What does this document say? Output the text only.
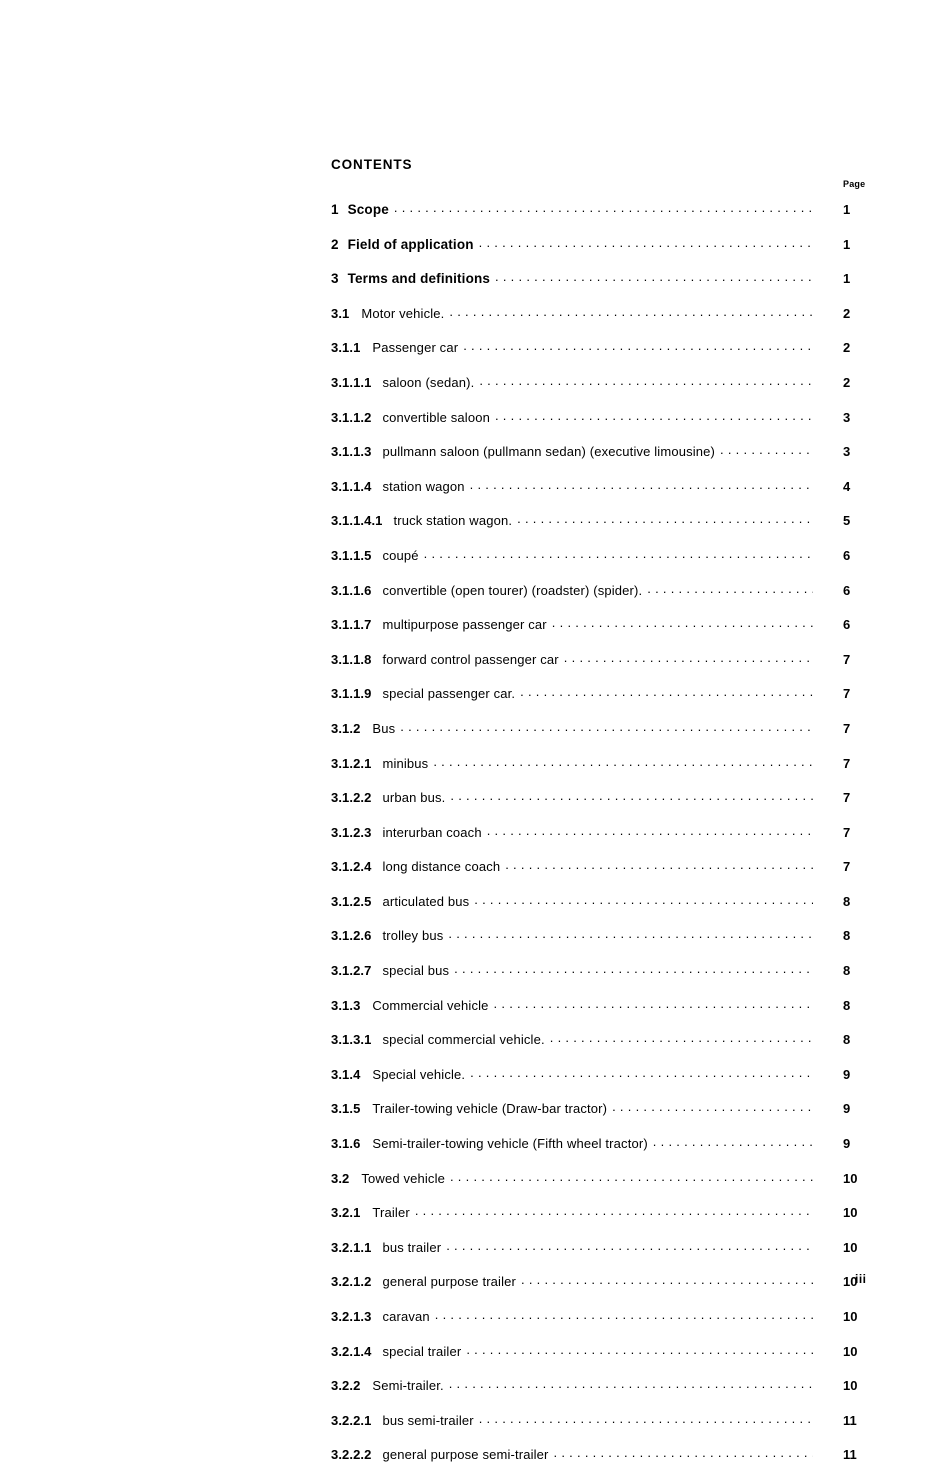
CONTENTS
Page
1 Scope . . .	1
2 Field of application . . .	1
3 Terms and definitions . . .	1
3.1 Motor vehicle. . . .	2
3.1.1 Passenger car . . .	2
3.1.1.1 saloon (sedan). . . .	2
3.1.1.2 convertible saloon . . .	3
3.1.1.3 pullmann saloon (pullmann sedan) (executive limousine) . . .	3
3.1.1.4 station wagon . . .	4
3.1.1.4.1 truck station wagon. . . .	5
3.1.1.5 coupé . . .	6
3.1.1.6 convertible (open tourer) (roadster) (spider). . . .	6
3.1.1.7 multipurpose passenger car . . .	6
3.1.1.8 forward control passenger car . . .	7
3.1.1.9 special passenger car. . . .	7
3.1.2 Bus . . .	7
3.1.2.1 minibus . . .	7
3.1.2.2 urban bus. . . .	7
3.1.2.3 interurban coach . . .	7
3.1.2.4 long distance coach . . .	7
3.1.2.5 articulated bus . . .	8
3.1.2.6 trolley bus . . .	8
3.1.2.7 special bus . . .	8
3.1.3 Commercial vehicle . . .	8
3.1.3.1 special commercial vehicle. . . .	8
3.1.4 Special vehicle. . . .	9
3.1.5 Trailer-towing vehicle (Draw-bar tractor) . . .	9
3.1.6 Semi-trailer-towing vehicle (Fifth wheel tractor) . . .	9
3.2 Towed vehicle . . .	10
3.2.1 Trailer . . .	10
3.2.1.1 bus trailer . . .	10
3.2.1.2 general purpose trailer . . .	10
3.2.1.3 caravan . . .	10
3.2.1.4 special trailer . . .	10
3.2.2 Semi-trailer. . . .	10
3.2.2.1 bus semi-trailer . . .	11
3.2.2.2 general purpose semi-trailer . . .	11
iii
